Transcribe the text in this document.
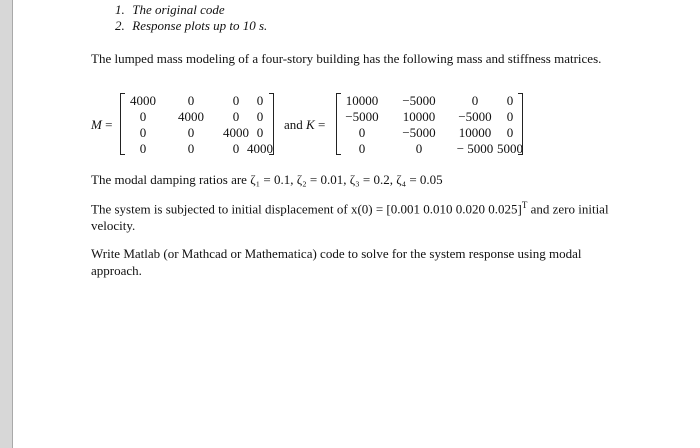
1. The original code
2. Response plots up to 10 s.
The lumped mass modeling of a four-story building has the following mass and stiffness matrices.
M =
4000 0	0 0
0 4000 0 0
0	0 4000 0
0	0	0 4000
and K =
10000 −5000	0 0
−5000 10000 −5000 0
0	−5000 10000 0
0	0	− 5000 5000
The modal damping ratios are ζ₁ = 0.1, ζ₂ = 0.01, ζ₃ = 0.2, ζ₄ = 0.05
The system is subjected to initial displacement of x(0) = [0.001 0.010 0.020 0.025]$^T$ and zero initial velocity.
Write Matlab (or Mathcad or Mathematica) code to solve for the system response using modal approach.
